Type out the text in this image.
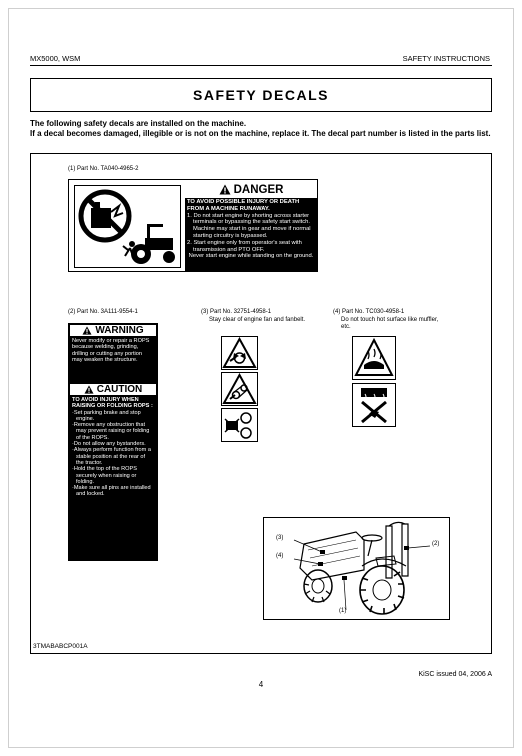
MX5000, WSM	SAFETY INSTRUCTIONS
SAFETY DECALS
The following safety decals are installed on the machine.
If a decal becomes damaged, illegible or is not on the machine, replace it. The decal part number is listed in the parts list.
(1) Part No. TA040-4965-2
DANGER
TO AVOID POSSIBLE INJURY OR DEATH FROM A MACHINE RUNAWAY.
1. Do not start engine by shorting across starter terminals or bypassing the safety start switch. Machine may start in gear and move if normal starting circuitry is bypassed.
2. Start engine only from operator's seat with transmission and PTO OFF.
Never start engine while standing on the ground.
(2) Part No. 3A111-9554-1
WARNING
Never modify or repair a ROPS because welding, grinding, drilling or cutting any portion may weaken the structure.
CAUTION
TO AVOID INJURY WHEN RAISING OR FOLDING ROPS :
·Set parking brake and stop engine.
·Remove any obstruction that may prevent raising or folding of the ROPS.
·Do not allow any bystanders.
·Always perform function from a stable position at the rear of the tractor.
·Hold the top of the ROPS securely when raising or folding.
·Make sure all pins are installed and locked.
(3) Part No. 32751-4958-1
Stay clear of engine fan and fanbelt.
(4) Part No. TC030-4958-1
Do not touch hot surface like muffler, etc.
(3)
(4)
(1)
(2)
3TMABABCP001A
KiSC issued 04, 2006 A
4
